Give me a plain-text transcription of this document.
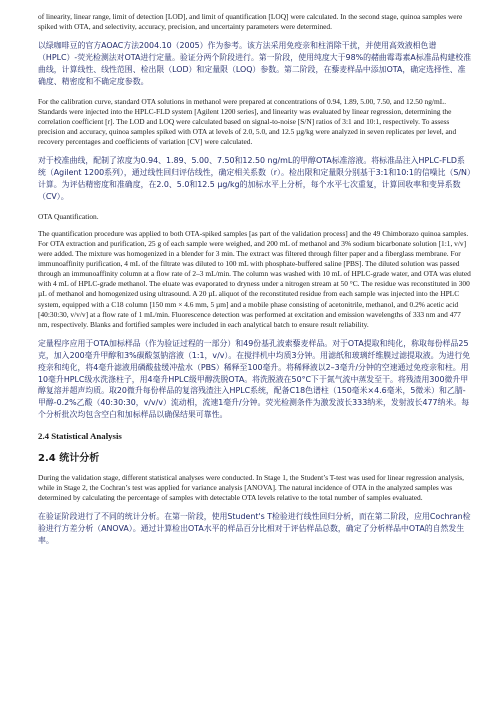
of linearity, linear range, limit of detection [LOD], and limit of quantification [LOQ] were calculated. In the second stage, quinoa samples were spiked with OTA, and selectivity, accuracy, precision, and uncertainty parameters were determined.

以绿咖啡豆的官方AOAC方法2004.10（2005）作为参考。该方法采用免疫亲和柱消除干扰，并使用高效液相色谱（HPLC）-荧光检测法对OTA进行定量。验证分两个阶段进行。第一阶段，使用纯度大于98%的赭曲霉毒素A标准品构建校准曲线，计算线性、线性范围、检出限（LOD）和定量限（LOQ）参数。第二阶段，在藜麦样品中添加OTA，确定选择性、准确度、精密度和不确定度参数。

For the calibration curve, standard OTA solutions in methanol were prepared at concentrations of 0.94, 1.89, 5.00, 7.50, and 12.50 ng/mL. Standards were injected into the HPLC-FLD system [Agilent 1200 series], and linearity was evaluated by linear regression, determining the correlation coefficient [r]. The LOD and LOQ were calculated based on signal-to-noise [S/N] ratios of 3:1 and 10:1, respectively. To assess precision and accuracy, quinoa samples spiked with OTA at levels of 2.0, 5.0, and 12.5 µg/kg were analyzed in seven replicates per level, and recovery percentages and coefficients of variation [CV] were calculated.

对于校准曲线，配制了浓度为0.94、1.89、5.00、7.50和12.50 ng/mL的甲醇OTA标准溶液。将标准品注入HPLC-FLD系统（Agilent 1200系列），通过线性回归评估线性，确定相关系数（r）。检出限和定量限分别基于3:1和10:1的信噪比（S/N）计算。为评估精密度和准确度，在2.0、5.0和12.5 µg/kg的加标水平上分析，每个水平七次重复，计算回收率和变异系数（CV）。

OTA Quantification.

The quantification procedure was applied to both OTA-spiked samples [as part of the validation process] and the 49 Chimborazo quinoa samples. For OTA extraction and purification, 25 g of each sample were weighed, and 200 mL of methanol and 3% sodium bicarbonate solution [1:1, v/v] were added. The mixture was homogenized in a blender for 3 min. The extract was filtered through filter paper and a fiberglass membrane. For immunoaffinity purification, 4 mL of the filtrate was diluted to 100 mL with phosphate-buffered saline [PBS]. The diluted solution was passed through an immunoaffinity column at a flow rate of 2–3 mL/min. The column was washed with 10 mL of HPLC-grade water, and OTA was eluted with 4 mL of HPLC-grade methanol. The eluate was evaporated to dryness under a nitrogen stream at 50 °C. The residue was reconstituted in 300 µL of methanol and homogenized using ultrasound. A 20 µL aliquot of the reconstituted residue from each sample was injected into the HPLC system, equipped with a C18 column [150 mm × 4.6 mm, 5 µm] and a mobile phase consisting of acetonitrile, methanol, and 0.2% acetic acid [40:30:30, v/v/v] at a flow rate of 1 mL/min. Fluorescence detection was performed at excitation and emission wavelengths of 333 nm and 477 nm, respectively. Blanks and fortified samples were included in each analytical batch to ensure result reliability.

定量程序应用于OTA加标样品（作为验证过程的一部分）和49份基孔波索藜麦样品。对于OTA提取和纯化，称取每份样品25克，加入200毫升甲醇和3%碳酸氢钠溶液（1:1，v/v）。在搅拌机中均质3分钟。用滤纸和玻璃纤维膜过滤提取液。为进行免疫亲和纯化，将4毫升滤液用磷酸盐缓冲盐水（PBS）稀释至100毫升。将稀释液以2–3毫升/分钟的空速通过免疫亲和柱。用10毫升HPLC级水洗涤柱子，用4毫升HPLC级甲醇洗脱OTA。将洗脱液在50°C下于氮气流中蒸发至干。将残渣用300微升甲醇复溶并超声均质。取20微升每份样品的复溶残渣注入HPLC系统，配备C18色谱柱（150毫米×4.6毫米，5微米）和乙腈-甲醇-0.2%乙酸（40:30:30，v/v/v）流动相，流速1毫升/分钟。荧光检测条件为激发波长333纳米，发射波长477纳米。每个分析批次均包含空白和加标样品以确保结果可靠性。

2.4 Statistical Analysis
2.4 统计分析

During the validation stage, different statistical analyses were conducted. In Stage 1, the Student’s T-test was used for linear regression analysis, while in Stage 2, the Cochran’s test was applied for variance analysis [ANOVA]. The natural incidence of OTA in the analyzed samples was determined by calculating the percentage of samples with detectable OTA levels relative to the total number of samples evaluated.

在验证阶段进行了不同的统计分析。在第一阶段，使用Student's T检验进行线性回归分析，而在第二阶段，应用Cochran检验进行方差分析（ANOVA）。通过计算检出OTA水平的样品百分比相对于评估样品总数，确定了分析样品中OTA的自然发生率。
